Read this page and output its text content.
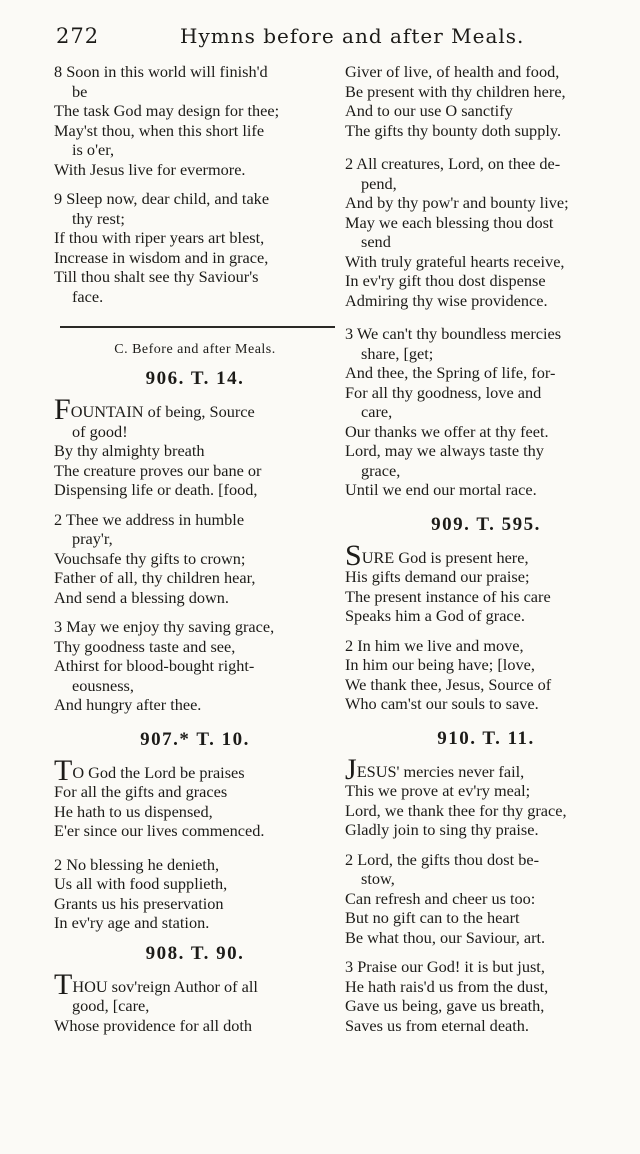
272	Hymns before and after Meals.
8 Soon in this world will finish'd
be
The task God may design for thee;
May'st thou, when this short life
is o'er,
With Jesus live for evermore.
9 Sleep now, dear child, and take
thy rest;
If thou with riper years art blest,
Increase in wisdom and in grace,
Till thou shalt see thy Saviour's
face.
C. Before and after Meals.
906. T. 14.
FOUNTAIN of being, Source
of good!
By thy almighty breath
The creature proves our bane or
Dispensing life or death. [food,
2 Thee we address in humble
pray'r,
Vouchsafe thy gifts to crown;
Father of all, thy children hear,
And send a blessing down.
3 May we enjoy thy saving grace,
Thy goodness taste and see,
Athirst for blood-bought right-
eousness,
And hungry after thee.
907.* T. 10.
TO God the Lord be praises
For all the gifts and graces
He hath to us dispensed,
E'er since our lives commenced.
2 No blessing he denieth,
Us all with food supplieth,
Grants us his preservation
In ev'ry age and station.
908. T. 90.
THOU sov'reign Author of all
good, [care,
Whose providence for all doth
Giver of live, of health and food,
Be present with thy children here,
And to our use O sanctify
The gifts thy bounty doth supply.
2 All creatures, Lord, on thee de-
pend,
And by thy pow'r and bounty live;
May we each blessing thou dost
send
With truly grateful hearts receive,
In ev'ry gift thou dost dispense
Admiring thy wise providence.
3 We can't thy boundless mercies
share, [get;
And thee, the Spring of life, for-
For all thy goodness, love and
care,
Our thanks we offer at thy feet.
Lord, may we always taste thy
grace,
Until we end our mortal race.
909. T. 595.
SURE God is present here,
His gifts demand our praise;
The present instance of his care
Speaks him a God of grace.
2 In him we live and move,
In him our being have; [love,
We thank thee, Jesus, Source of
Who cam'st our souls to save.
910. T. 11.
JESUS' mercies never fail,
This we prove at ev'ry meal;
Lord, we thank thee for thy grace,
Gladly join to sing thy praise.
2 Lord, the gifts thou dost be-
stow,
Can refresh and cheer us too:
But no gift can to the heart
Be what thou, our Saviour, art.
3 Praise our God! it is but just,
He hath rais'd us from the dust,
Gave us being, gave us breath,
Saves us from eternal death.
